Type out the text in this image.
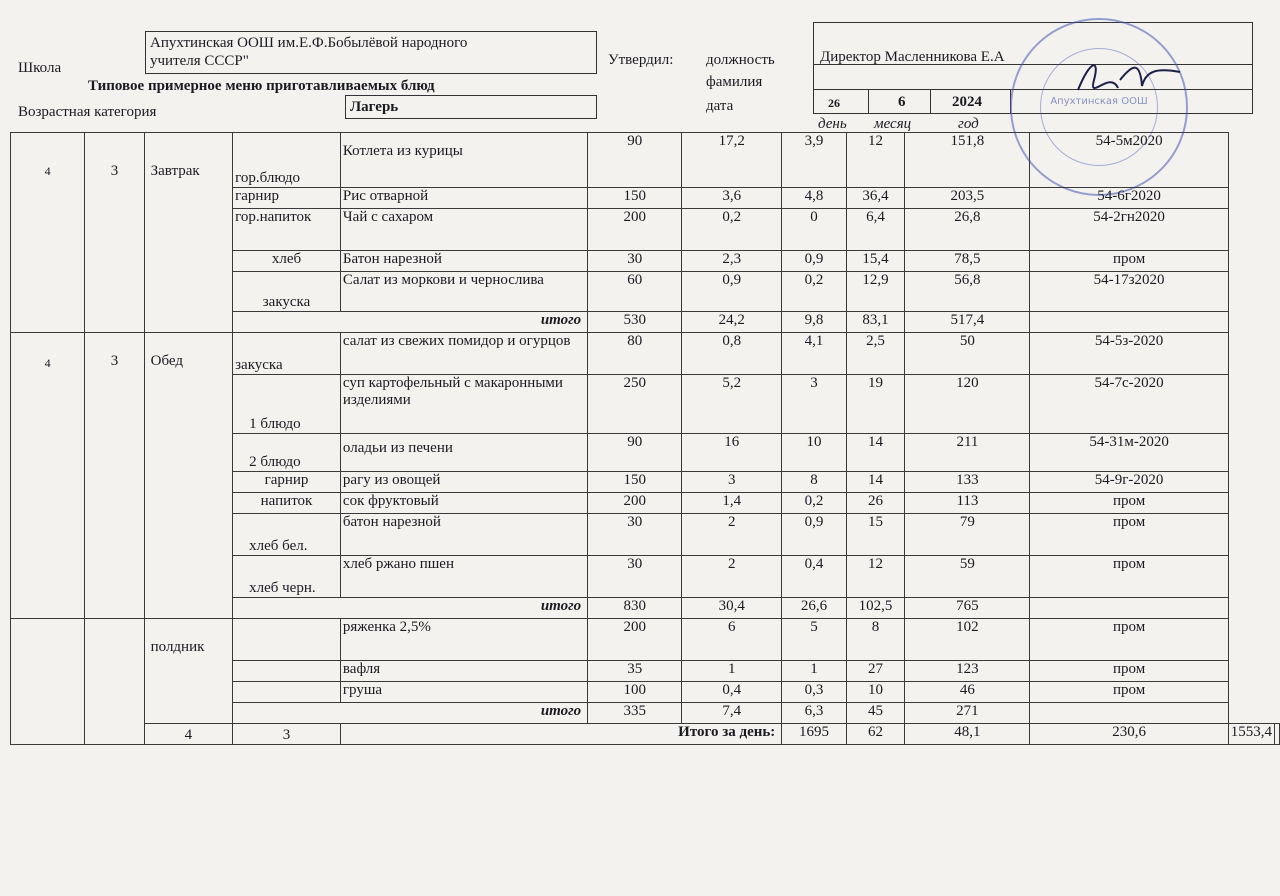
Школа
Апухтинская ООШ им.Е.Ф.Бобылёвой народного
учителя СССР"	Утвердил: должность
фамилия
дата
Директор Масленникова Е.А
Типовое примерное меню приготавливаемых блюд
Возрастная категория	Лагерь	26	6	2024
день месяц	год
Апухтинская ООШ
4	3	Завтрак	гор.блюдо	Котлета из курицы	90	17,2	3,9	12	151,8	54-5м2020		
			гарнир	Рис отварной	150	3,6	4,8	36,4	203,5	54-6г2020		
			гор.напиток	Чай с сахаром	200	0,2	0	6,4	26,8	54-2гн2020		
			хлеб	Батон нарезной	30	2,3	0,9	15,4	78,5	пром		
			закуска	Салат из моркови и чернослива	60	0,9	0,2	12,9	56,8	54-17з2020		
			итого		530	24,2	9,8	83,1	517,4			
4	3	Обед	закуска	салат из свежих помидор и огурцов	80	0,8	4,1	2,5	50	54-5з-2020		
			1 блюдо	суп картофельный с макаронными изделиями	250	5,2	3	19	120	54-7с-2020		
			2 блюдо	оладьи из печени	90	16	10	14	211	54-31м-2020		
			гарнир	рагу из овощей	150	3	8	14	133	54-9г-2020		
			напиток	сок фруктовый	200	1,4	0,2	26	113	пром		
			хлеб бел.	батон нарезной	30	2	0,9	15	79	пром		
			хлеб черн.	хлеб ржано пшен	30	2	0,4	12	59	пром		
			итого		830	30,4	26,6	102,5	765			
		полдник		ряженка 2,5%	200	6	5	8	102	пром		
				вафля	35	1	1	27	123	пром		
				груша	100	0,4	0,3	10	46	пром		
			итого		335	7,4	6,3	45	271			
		4	3	Итого за день:			1695	62	48,1	230,6	1553,4	
